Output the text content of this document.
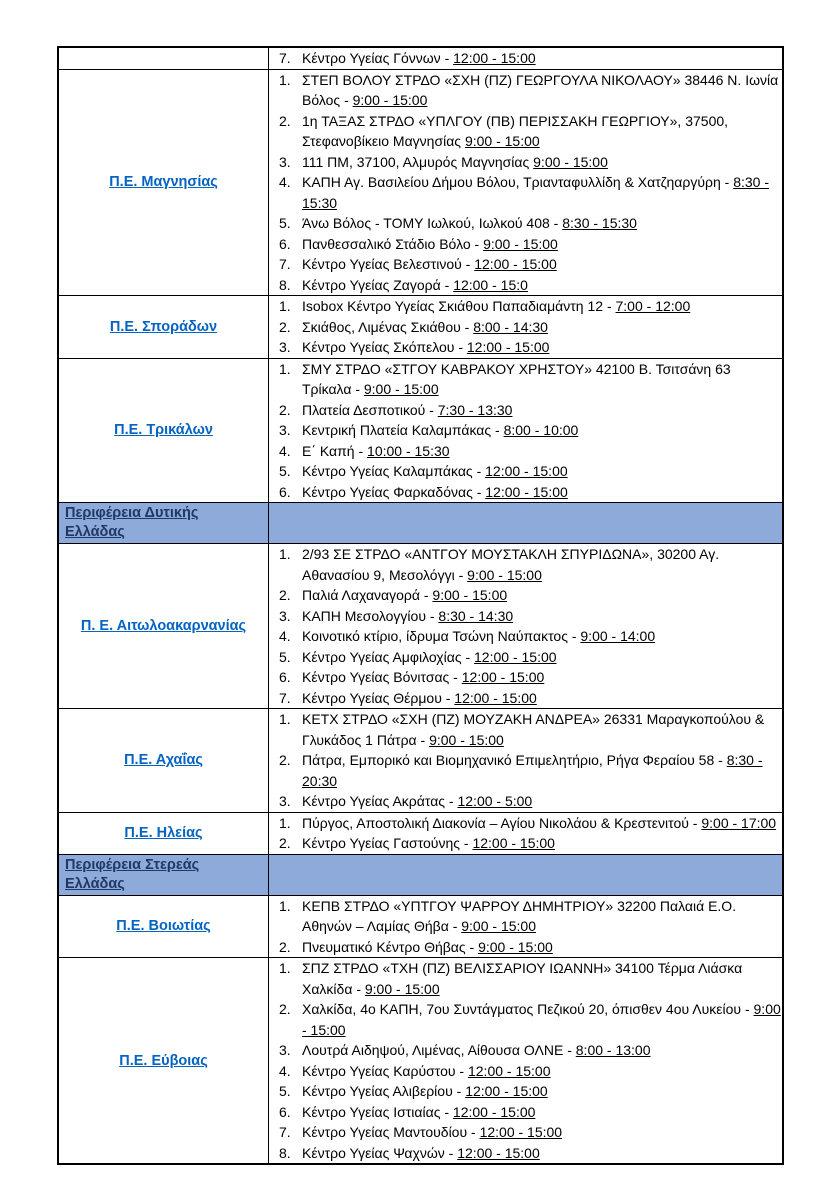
	7. Κέντρο Υγείας Γόννων - 12:00 - 15:00

Π.Ε. Μαγνησίας	
1. ΣΤΕΠ ΒΟΛΟΥ ΣΤΡΔΟ «ΣΧΗ (ΠΖ) ΓΕΩΡΓΟΥΛΑ ΝΙΚΟΛΑΟΥ» 38446 Ν. Ιωνία Βόλος - 9:00 - 15:00
2. 1η ΤΑΞΑΣ ΣΤΡΔΟ «ΥΠΛΓΟΥ (ΠΒ) ΠΕΡΙΣΣΑΚΗ ΓΕΩΡΓΙΟΥ», 37500, Στεφανοβίκειο Μαγνησίας 9:00 - 15:00
3. 111 ΠΜ, 37100, Αλμυρός Μαγνησίας 9:00 - 15:00
4. ΚΑΠΗ Αγ. Βασιλείου Δήμου Βόλου, Τριανταφυλλίδη & Χατζηαργύρη - 8:30 - 15:30
5. Άνω Βόλος - ΤΟΜΥ Ιωλκού, Ιωλκού 408 - 8:30 - 15:30
6. Πανθεσσαλικό Στάδιο Βόλο - 9:00 - 15:00
7. Κέντρο Υγείας Βελεστινού - 12:00 - 15:00
8. Κέντρο Υγείας Ζαγορά - 12:00 - 15:0

Π.Ε. Σποράδων	
1. Isobox Κέντρο Υγείας Σκιάθου Παπαδιαμάντη 12 - 7:00 - 12:00
2. Σκιάθος, Λιμένας Σκιάθου - 8:00 - 14:30
3. Κέντρο Υγείας Σκόπελου - 12:00 - 15:00

Π.Ε. Τρικάλων	
1. ΣΜΥ ΣΤΡΔΟ «ΣΤΓΟΥ ΚΑΒΡΑΚΟΥ ΧΡΗΣΤΟΥ» 42100 Β. Τσιτσάνη 63 Τρίκαλα - 9:00 - 15:00
2. Πλατεία Δεσποτικού - 7:30 - 13:30
3. Κεντρική Πλατεία Καλαμπάκας - 8:00 - 10:00
4. Ε΄ Καπή - 10:00 - 15:30
5. Κέντρο Υγείας Καλαμπάκας - 12:00 - 15:00
6. Κέντρο Υγείας Φαρκαδόνας - 12:00 - 15:00

Περιφέρεια Δυτικής Ελλάδας	
Π. Ε. Αιτωλοακαρνανίας	
1. 2/93 ΣΕ ΣΤΡΔΟ «ΑΝΤΓΟΥ ΜΟΥΣΤΑΚΛΗ ΣΠΥΡΙΔΩΝΑ», 30200 Αγ. Αθανασίου 9, Μεσολόγγι - 9:00 - 15:00
2. Παλιά Λαχαναγορά - 9:00 - 15:00
3. ΚΑΠΗ Μεσολογγίου - 8:30 - 14:30
4. Κοινοτικό κτίριο, ίδρυμα Τσώνη Ναύπακτος - 9:00 - 14:00
5. Κέντρο Υγείας Αμφιλοχίας - 12:00 - 15:00
6. Κέντρο Υγείας Βόνιτσας - 12:00 - 15:00
7. Κέντρο Υγείας Θέρμου - 12:00 - 15:00

Π.Ε. Αχαΐας	
1. ΚΕΤΧ ΣΤΡΔΟ «ΣΧΗ (ΠΖ) ΜΟΥΖΑΚΗ ΑΝΔΡΕΑ» 26331 Μαραγκοπούλου & Γλυκάδος 1 Πάτρα - 9:00 - 15:00
2. Πάτρα, Εμπορικό και Βιομηχανικό Επιμελητήριο, Ρήγα Φεραίου 58 - 8:30 - 20:30
3. Κέντρο Υγείας Ακράτας - 12:00 - 5:00

Π.Ε. Ηλείας	1. Πύργος, Αποστολική Διακονία – Αγίου Νικολάου & Κρεστενιτού - 9:00 - 17:00
2. Κέντρο Υγείας Γαστούνης - 12:00 - 15:00

Περιφέρεια Στερεάς Ελλάδας	
Π.Ε. Βοιωτίας	1. ΚΕΠΒ ΣΤΡΔΟ «ΥΠΤΓΟΥ ΨΑΡΡΟΥ ΔΗΜΗΤΡΙΟΥ» 32200 Παλαιά Ε.Ο. Αθηνών – Λαμίας Θήβα - 9:00 - 15:00
2. Πνευματικό Κέντρο Θήβας - 9:00 - 15:00

Π.Ε. Εύβοιας	
1. ΣΠΖ ΣΤΡΔΟ «ΤΧΗ (ΠΖ) ΒΕΛΙΣΣΑΡΙΟΥ ΙΩΑΝΝΗ» 34100 Τέρμα Λιάσκα Χαλκίδα - 9:00 - 15:00
2. Χαλκίδα, 4ο ΚΑΠΗ, 7ου Συντάγματος Πεζικού 20, όπισθεν 4ου Λυκείου - 9:00 - 15:00
3. Λουτρά Αιδηψού, Λιμένας, Αίθουσα ΟΛΝΕ - 8:00 - 13:00
4. Κέντρο Υγείας Καρύστου - 12:00 - 15:00
5. Κέντρο Υγείας Αλιβερίου - 12:00 - 15:00
6. Κέντρο Υγείας Ιστιαίας - 12:00 - 15:00
7. Κέντρο Υγείας Μαντουδίου - 12:00 - 15:00
8. Κέντρο Υγείας Ψαχνών - 12:00 - 15:00
